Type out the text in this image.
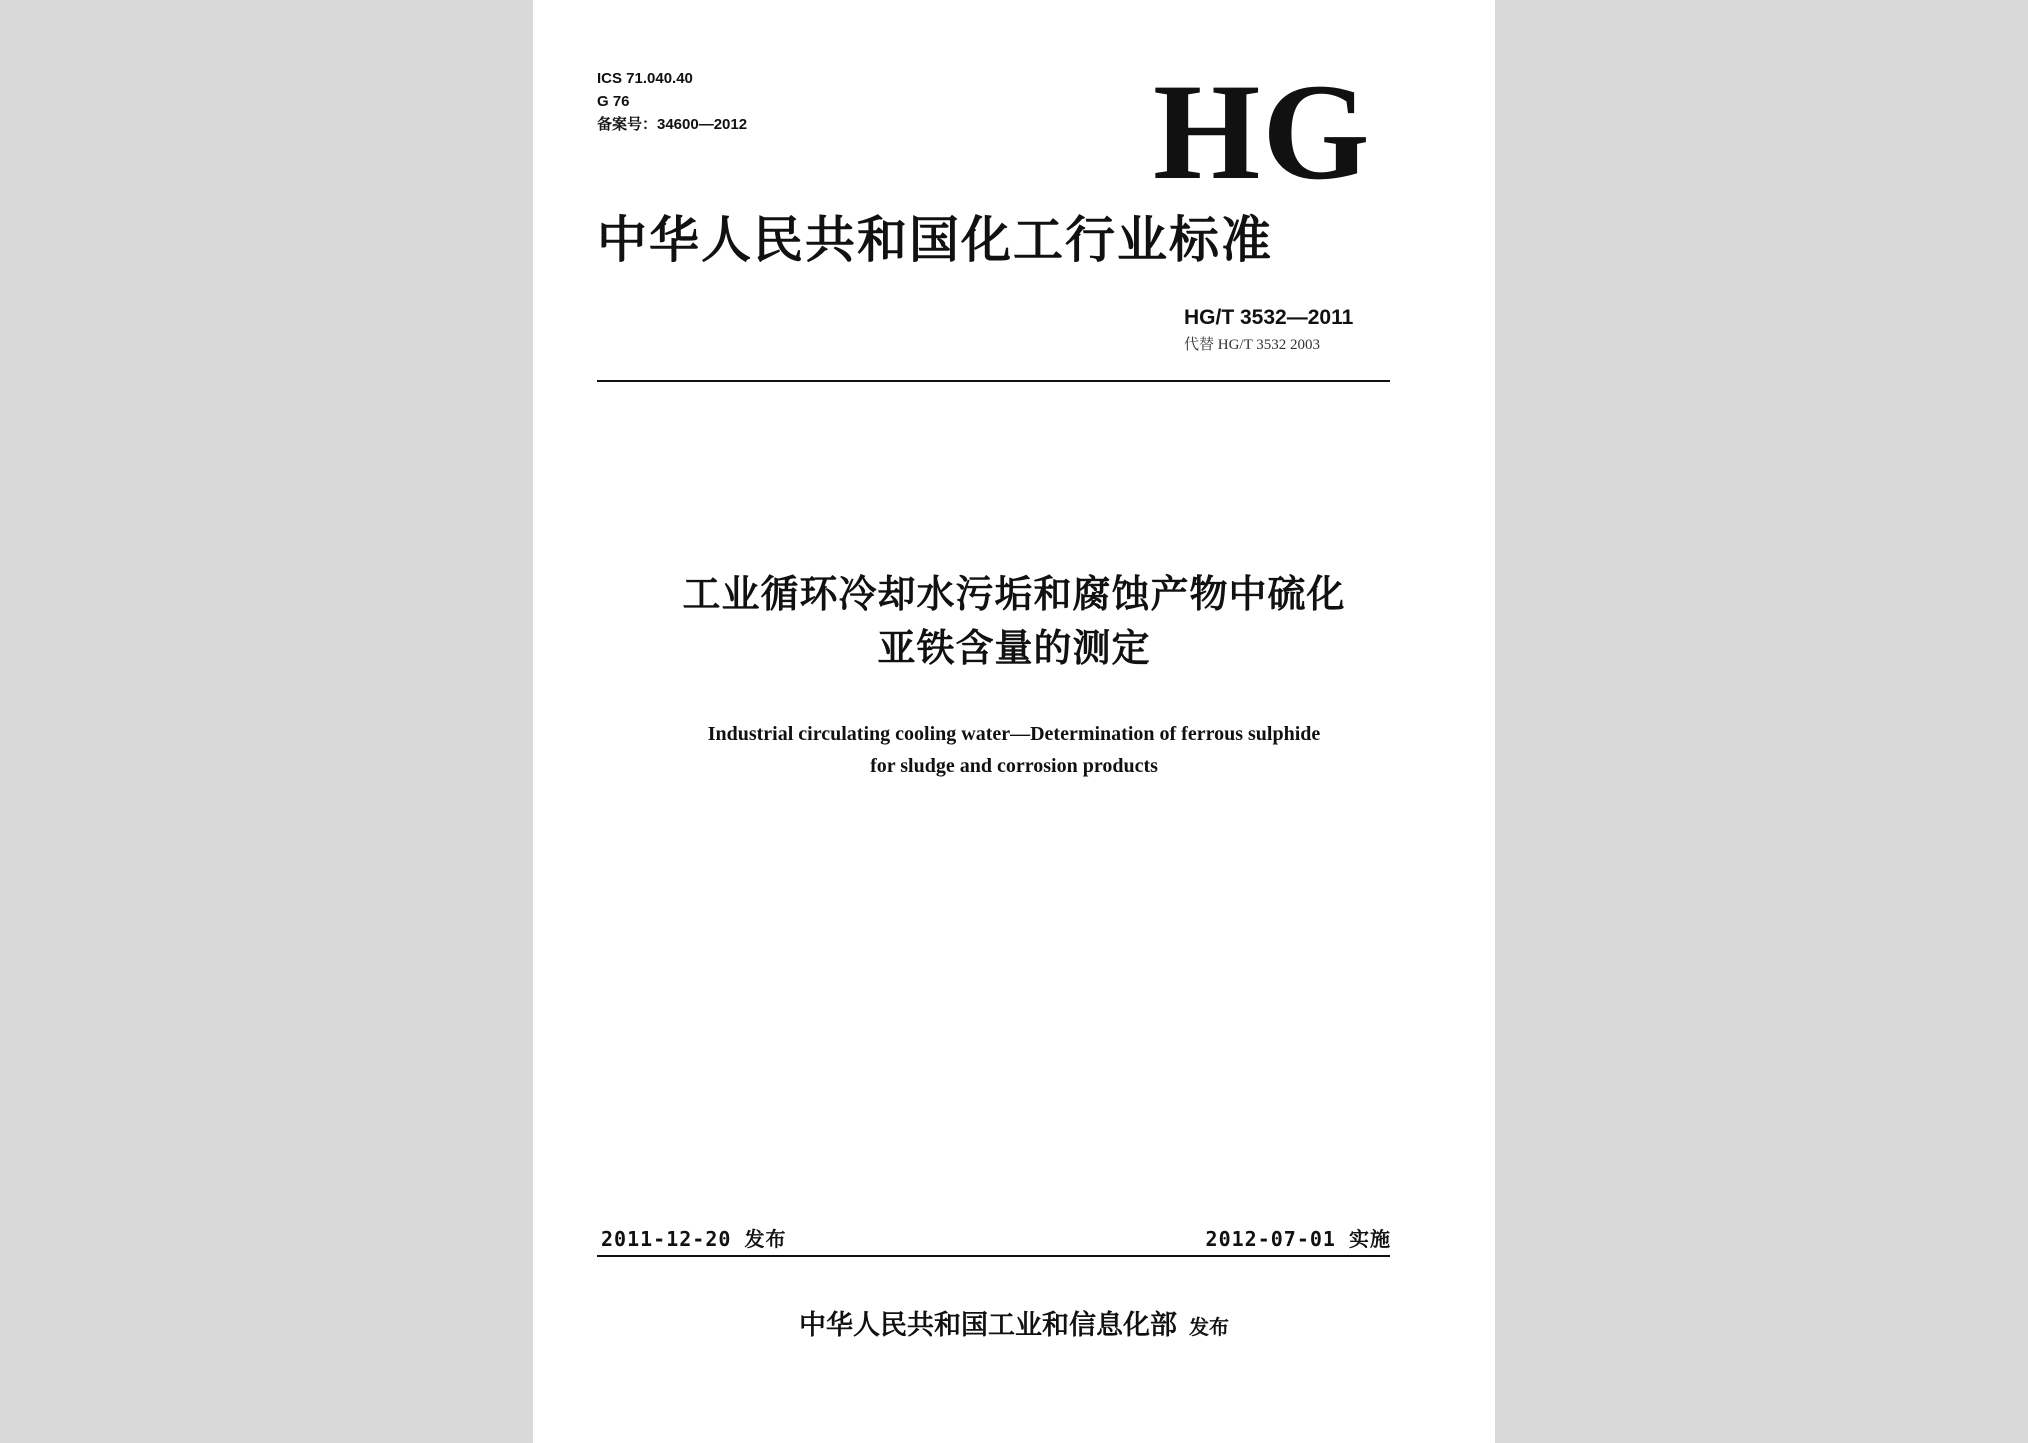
ICS 71.040.40
G 76
备案号：34600—2012	HG
中华人民共和国化工行业标准
HG/T 3532—2011
代替 HG/T 3532 2003
工业循环冷却水污垢和腐蚀产物中硫化
亚铁含量的测定
Industrial circulating cooling water—Determination of ferrous sulphide
for sludge and corrosion products
2011-12-20 发布	2012-07-01 实施
中华人民共和国工业和信息化部 发布
